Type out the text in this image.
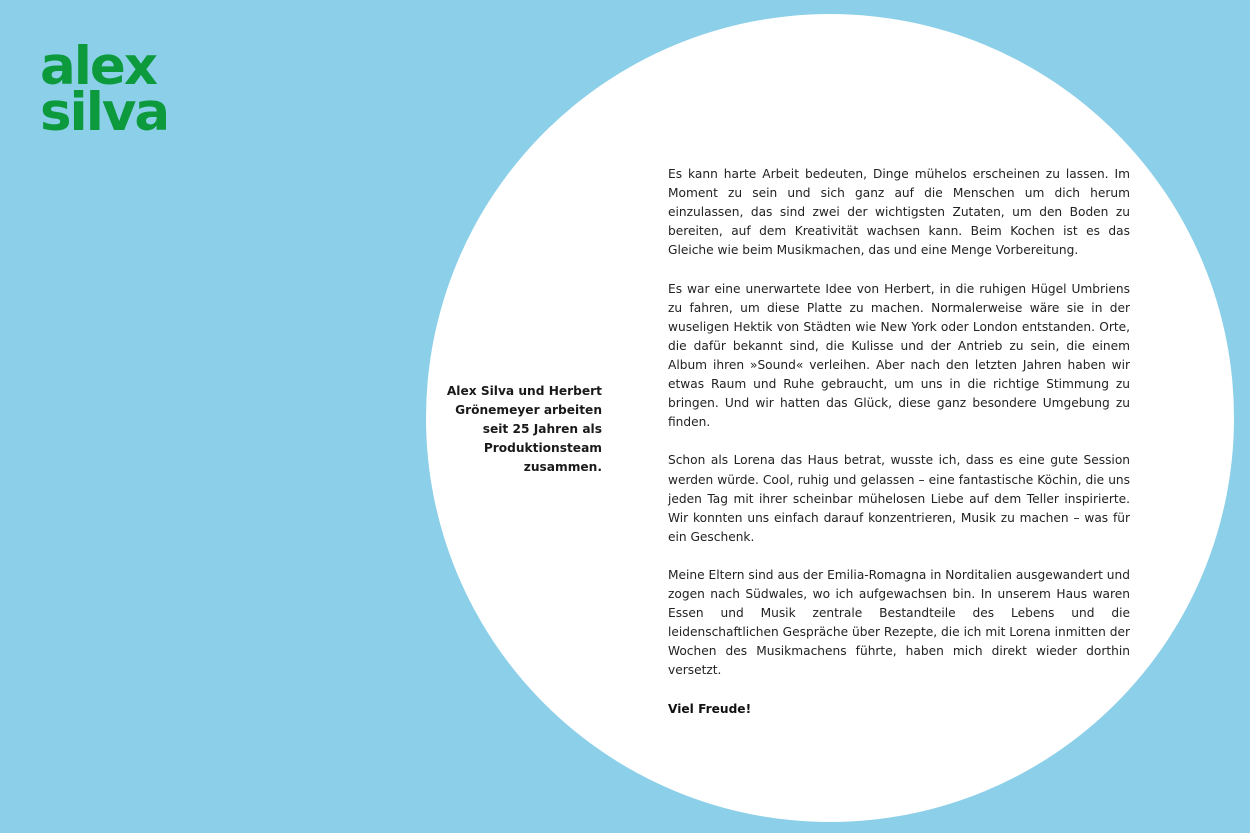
alex
silva

Alex Silva und Herbert Grönemeyer arbeiten seit 25 Jahren als Produktionsteam zusammen.

Es kann harte Arbeit bedeuten, Dinge mühelos erscheinen zu lassen. Im Moment zu sein und sich ganz auf die Menschen um dich herum einzulassen, das sind zwei der wichtigsten Zutaten, um den Boden zu bereiten, auf dem Kreativität wachsen kann. Beim Kochen ist es das Gleiche wie beim Musikmachen, das und eine Menge Vorbereitung.

Es war eine unerwartete Idee von Herbert, in die ruhigen Hügel Umbriens zu fahren, um diese Platte zu machen. Normalerweise wäre sie in der wuseligen Hektik von Städten wie New York oder London entstanden. Orte, die dafür bekannt sind, die Kulisse und der Antrieb zu sein, die einem Album ihren »Sound« verleihen. Aber nach den letzten Jahren haben wir etwas Raum und Ruhe gebraucht, um uns in die richtige Stimmung zu bringen. Und wir hatten das Glück, diese ganz besondere Umgebung zu finden.

Schon als Lorena das Haus betrat, wusste ich, dass es eine gute Session werden würde. Cool, ruhig und gelassen – eine fantastische Köchin, die uns jeden Tag mit ihrer scheinbar mühelosen Liebe auf dem Teller inspirierte. Wir konnten uns einfach darauf konzentrieren, Musik zu machen – was für ein Geschenk.

Meine Eltern sind aus der Emilia-Romagna in Norditalien ausgewandert und zogen nach Südwales, wo ich aufgewachsen bin. In unserem Haus waren Essen und Musik zentrale Bestandteile des Lebens und die leidenschaftlichen Gespräche über Rezepte, die ich mit Lorena inmitten der Wochen des Musikmachens führte, haben mich direkt wieder dorthin versetzt.

Viel Freude!
